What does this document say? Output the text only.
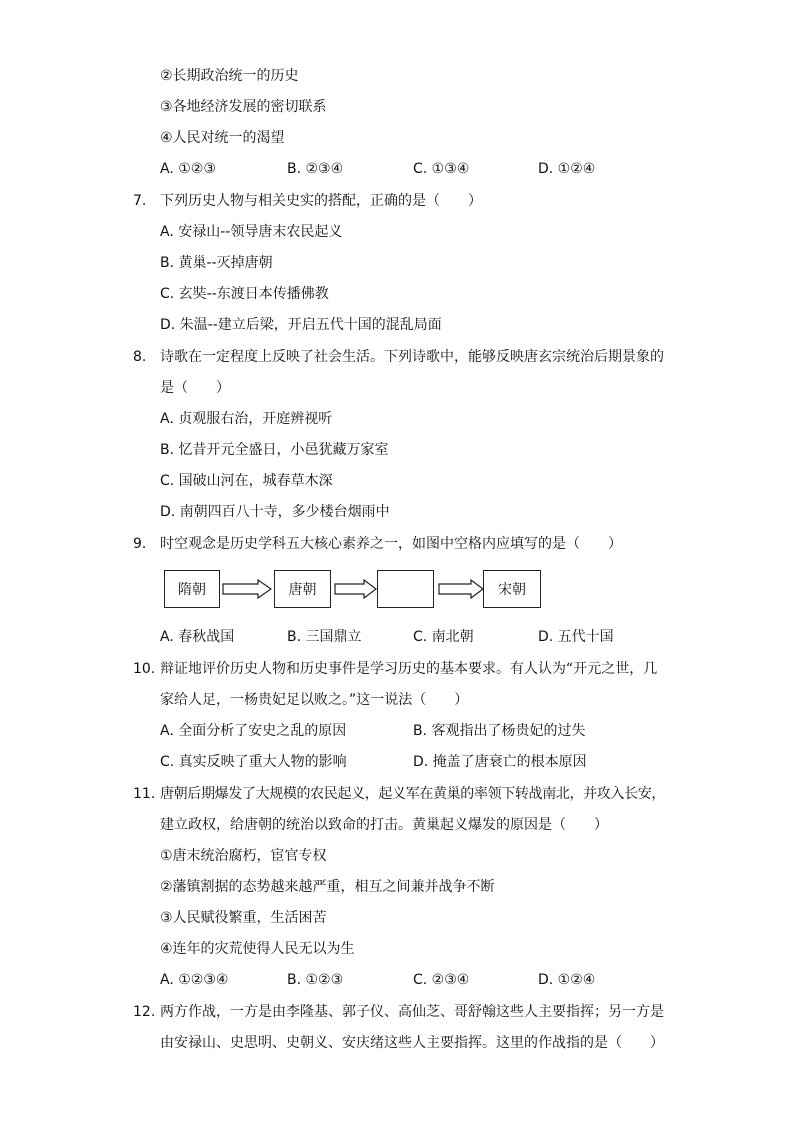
②长期政治统一的历史
③各地经济发展的密切联系
④人民对统一的渴望
A. ①②③	B. ②③④	C. ①③④	D. ①②④
7. 下列历史人物与相关史实的搭配，正确的是（　　）
A. 安禄山--领导唐末农民起义
B. 黄巢--灭掉唐朝
C. 玄奘--东渡日本传播佛教
D. 朱温--建立后梁，开启五代十国的混乱局面
8. 诗歌在一定程度上反映了社会生活。下列诗歌中，能够反映唐玄宗统治后期景象的
是（　　）
A. 贞观服右治，开庭辨视听
B. 忆昔开元全盛日，小邑犹藏万家室
C. 国破山河在，城春草木深
D. 南朝四百八十寺，多少楼台烟雨中
9. 时空观念是历史学科五大核心素养之一，如图中空格内应填写的是（　　）
隋朝	唐朝	宋朝
A. 春秋战国	B. 三国鼎立	C. 南北朝	D. 五代十国
10. 辩证地评价历史人物和历史事件是学习历史的基本要求。有人认为“开元之世，几
家给人足，一杨贵妃足以败之。”这一说法（　　）
A. 全面分析了安史之乱的原因	B. 客观指出了杨贵妃的过失
C. 真实反映了重大人物的影响	D. 掩盖了唐衰亡的根本原因
11. 唐朝后期爆发了大规模的农民起义，起义军在黄巢的率领下转战南北，并攻入长安，
建立政权，给唐朝的统治以致命的打击。黄巢起义爆发的原因是（　　）
①唐末统治腐朽，宦官专权
②藩镇割据的态势越来越严重，相互之间兼并战争不断
③人民赋役繁重，生活困苦
④连年的灾荒使得人民无以为生
A. ①②③④	B. ①②③	C. ②③④	D. ①②④
12. 两方作战，一方是由李隆基、郭子仪、高仙芝、哥舒翰这些人主要指挥；另一方是
由安禄山、史思明、史朝义、安庆绪这些人主要指挥。这里的作战指的是（　　）
